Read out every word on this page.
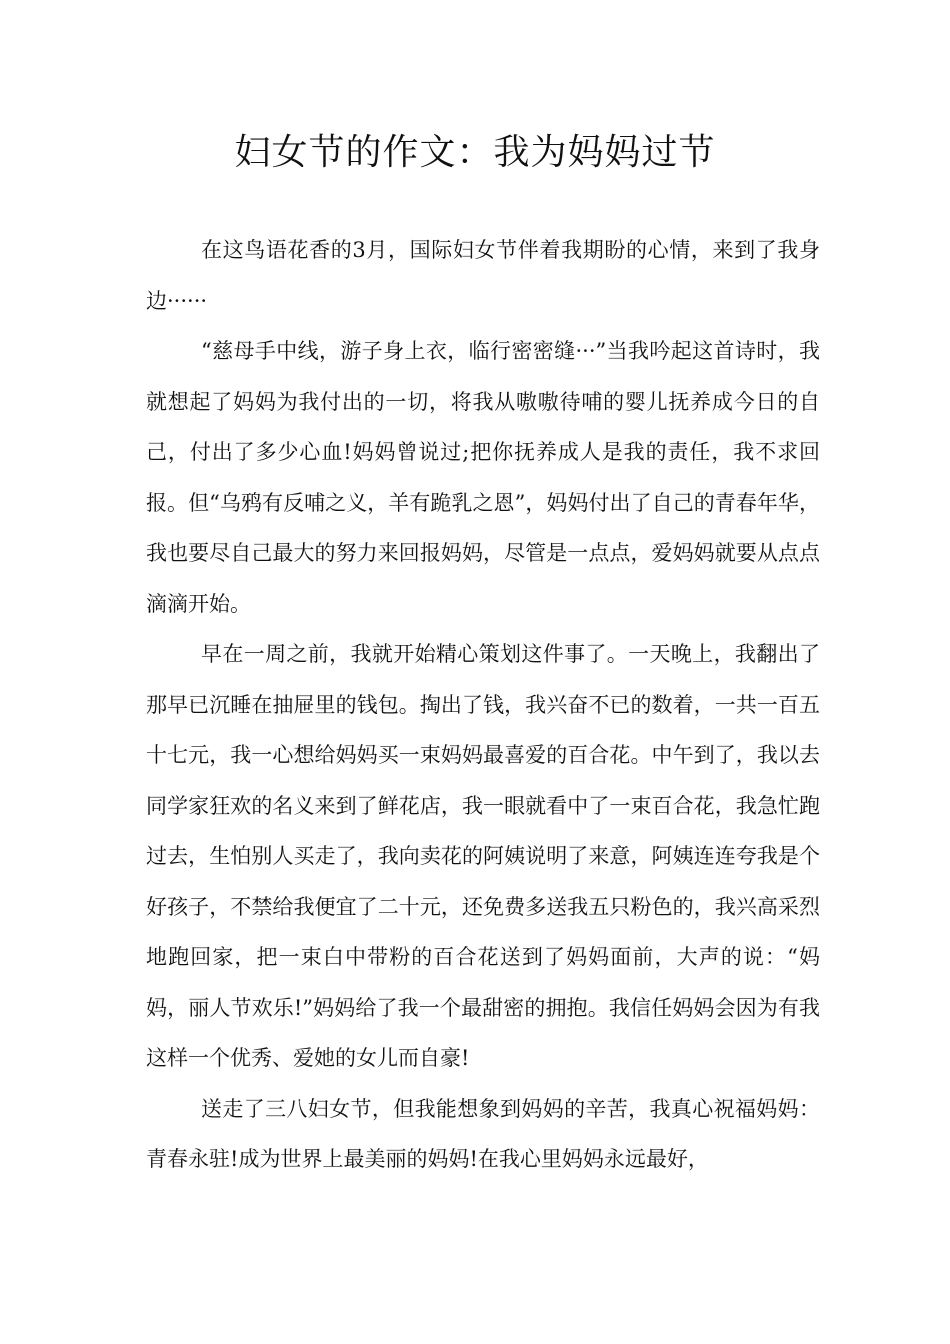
妇女节的作文：我为妈妈过节

在这鸟语花香的3月，国际妇女节伴着我期盼的心情，来到了我身边······

“慈母手中线，游子身上衣，临行密密缝···”当我吟起这首诗时，我就想起了妈妈为我付出的一切，将我从嗷嗷待哺的婴儿抚养成今日的自己，付出了多少心血!妈妈曾说过;把你抚养成人是我的责任，我不求回报。但“乌鸦有反哺之义，羊有跪乳之恩”，妈妈付出了自己的青春年华，我也要尽自己最大的努力来回报妈妈，尽管是一点点，爱妈妈就要从点点滴滴开始。

早在一周之前，我就开始精心策划这件事了。一天晚上，我翻出了那早已沉睡在抽屉里的钱包。掏出了钱，我兴奋不已的数着，一共一百五十七元，我一心想给妈妈买一束妈妈最喜爱的百合花。中午到了，我以去同学家狂欢的名义来到了鲜花店，我一眼就看中了一束百合花，我急忙跑过去，生怕别人买走了，我向卖花的阿姨说明了来意，阿姨连连夸我是个好孩子，不禁给我便宜了二十元，还免费多送我五只粉色的，我兴高采烈地跑回家，把一束白中带粉的百合花送到了妈妈面前，大声的说：“妈妈，丽人节欢乐!”妈妈给了我一个最甜密的拥抱。我信任妈妈会因为有我这样一个优秀、爱她的女儿而自豪!

送走了三八妇女节，但我能想象到妈妈的辛苦，我真心祝福妈妈：青春永驻!成为世界上最美丽的妈妈!在我心里妈妈永远最好，
